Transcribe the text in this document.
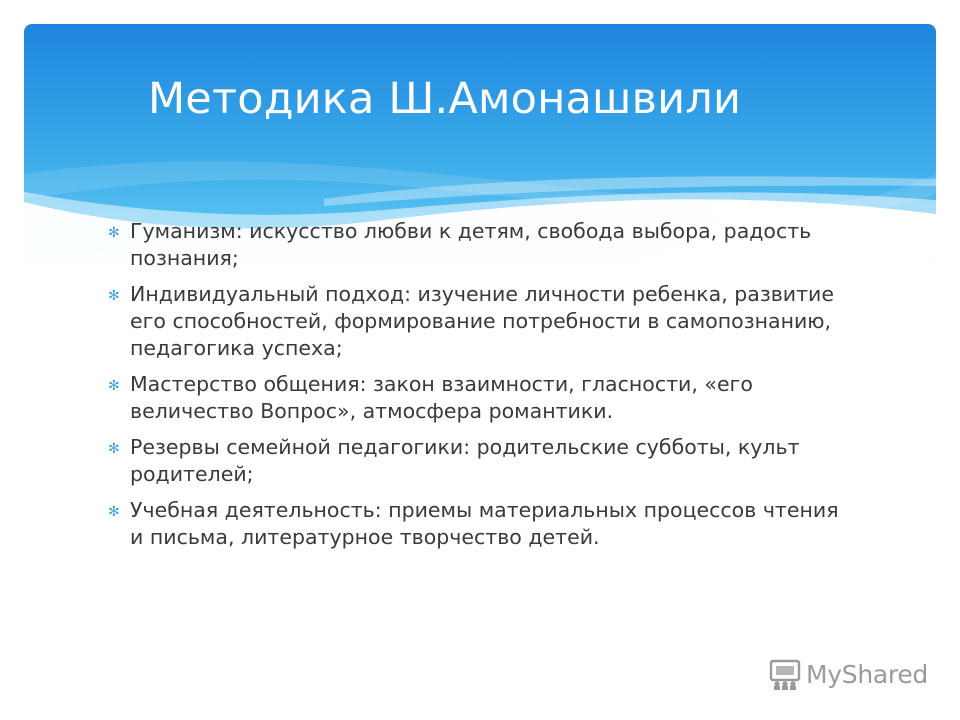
Методика Ш.Амонашвили
✻ Гуманизм: искусство любви к детям, свобода выбора, радость познания;
✻ Индивидуальный подход: изучение личности ребенка, развитие его способностей, формирование потребности в самопознанию, педагогика успеха;
✻ Мастерство общения: закон взаимности, гласности, «его величество Вопрос», атмосфера романтики.
✻ Резервы семейной педагогики: родительские субботы, культ родителей;
✻ Учебная деятельность: приемы материальных процессов чтения и письма, литературное творчество детей.
MyShared
